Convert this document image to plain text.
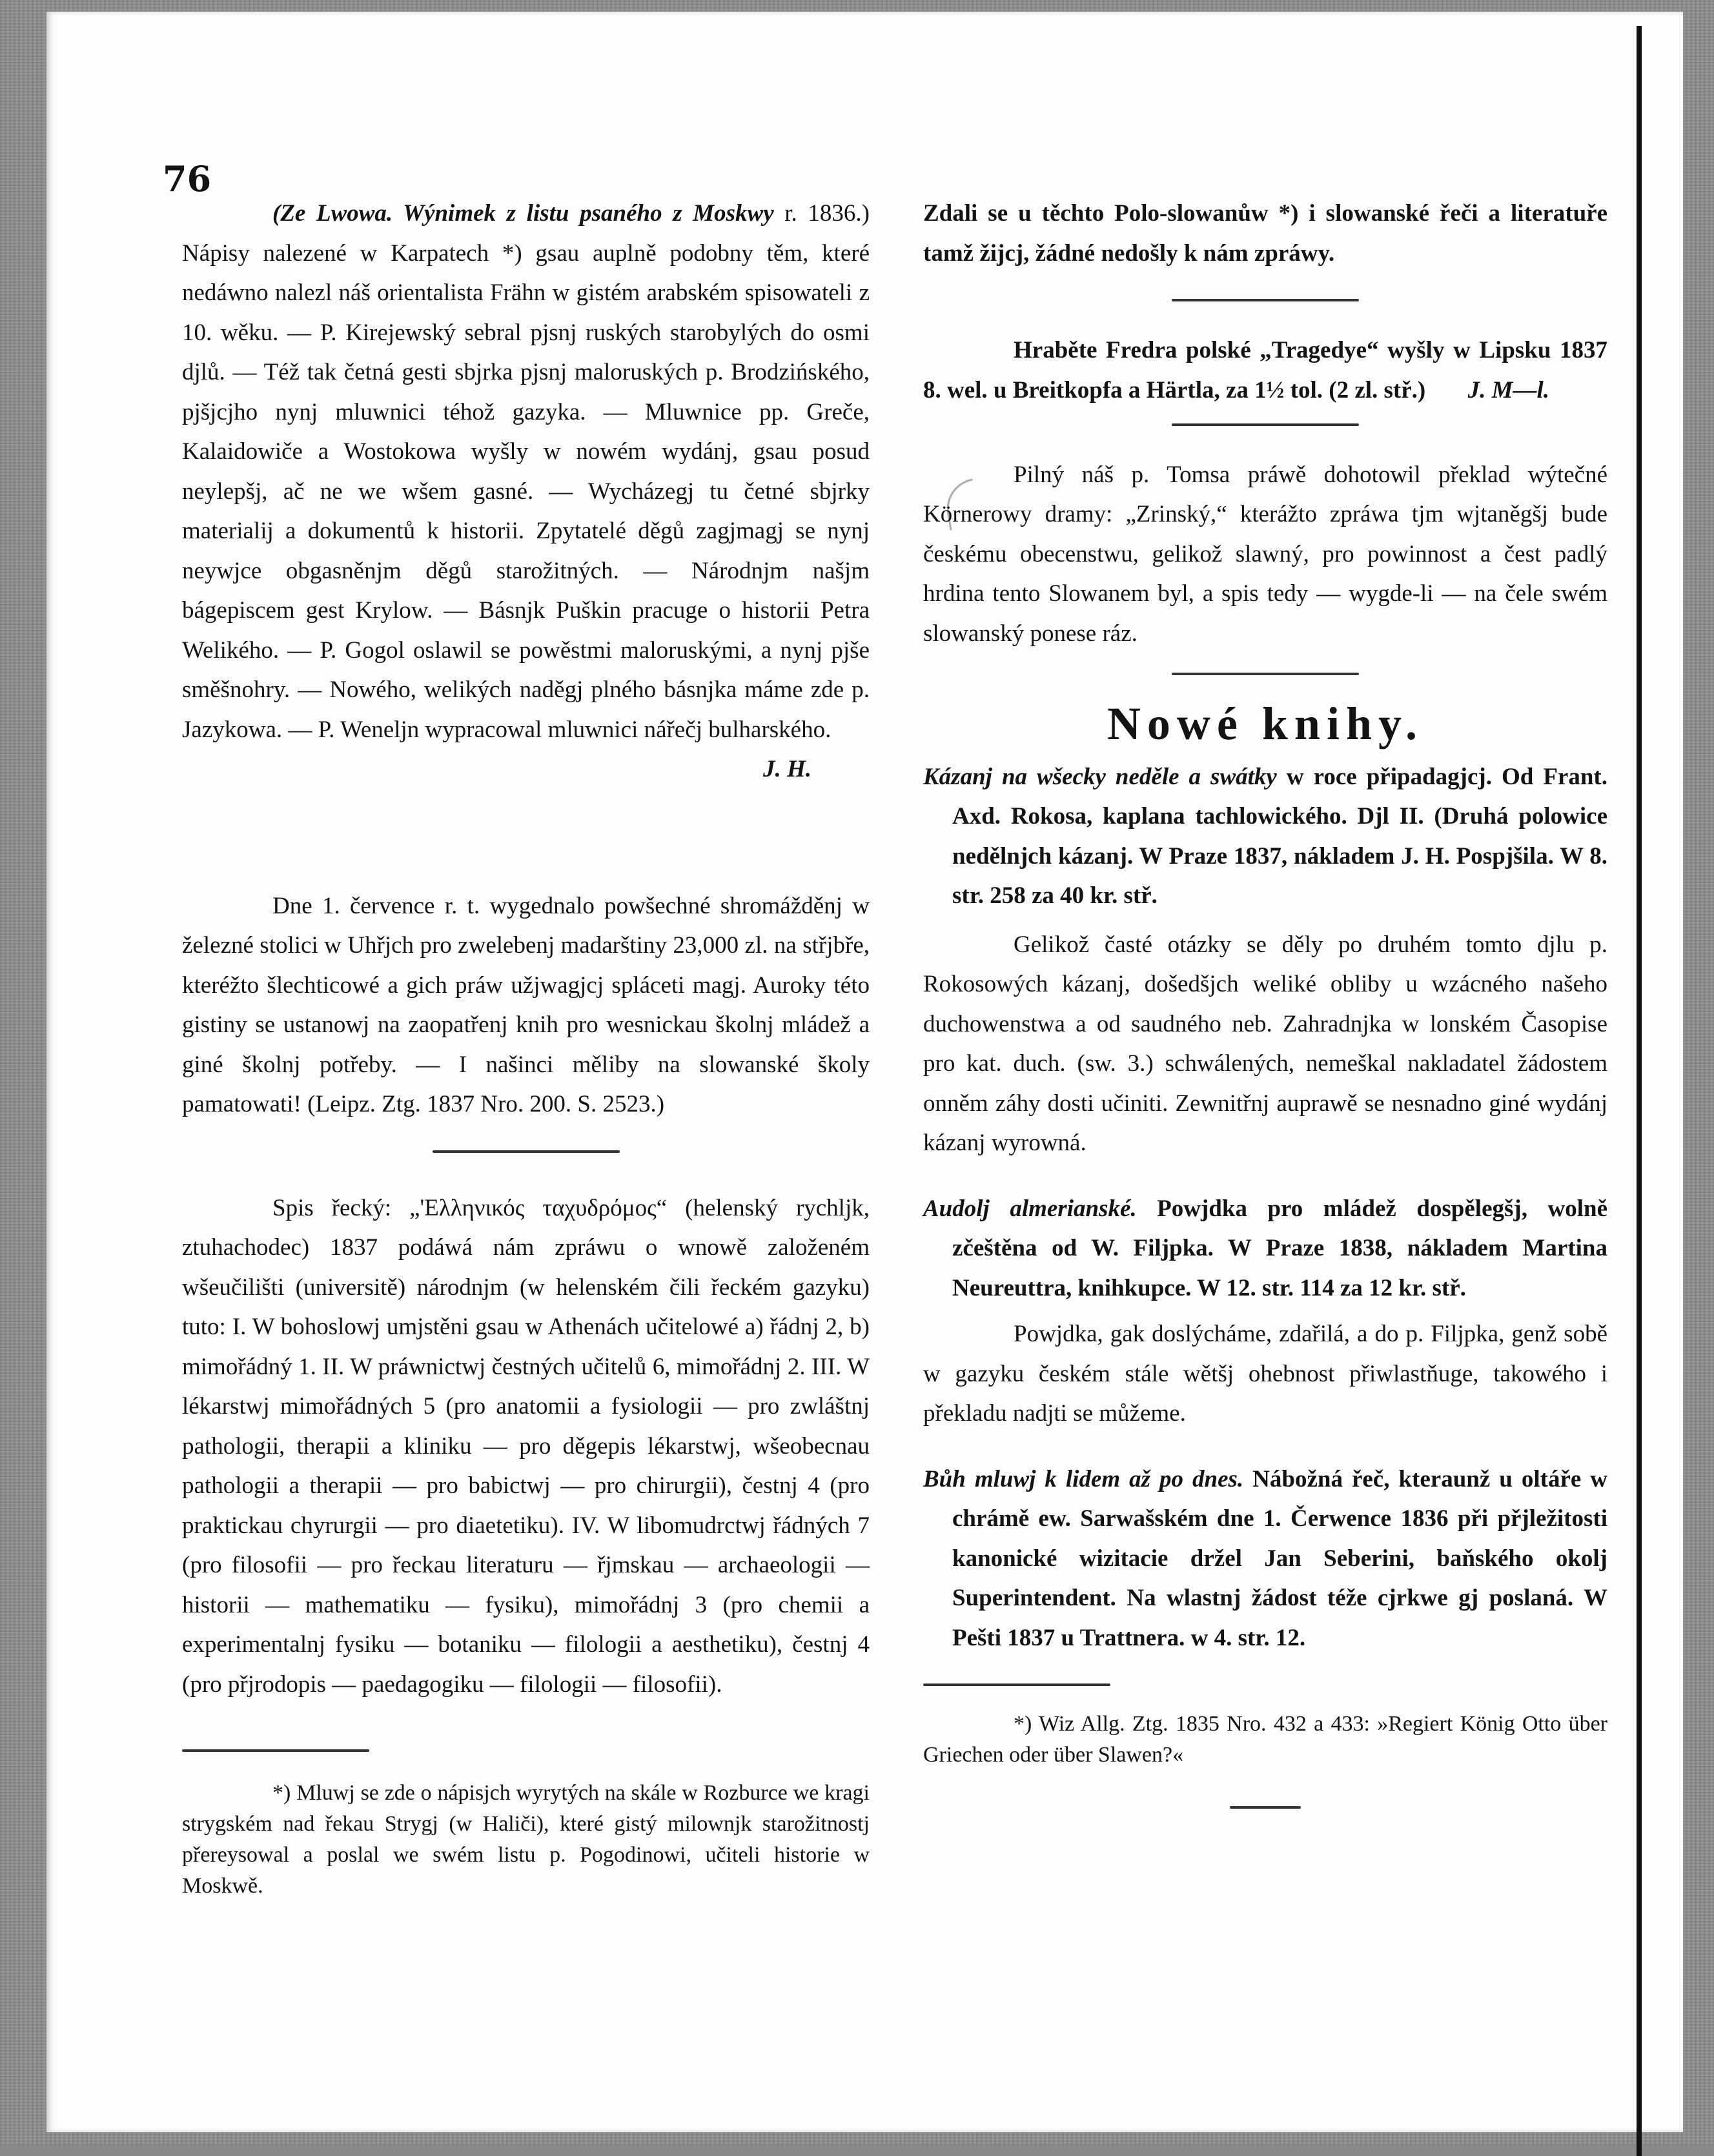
76

(Ze Lwowa. Wýnimek z listu psaného z Moskwy r. 1836.) Nápisy nalezené w Karpatech *) gsau auplně podobny těm, které nedáwno nalezl náš orientalista Frähn w gistém arabském spisowateli z 10. wěku. — P. Kirejewský sebral pjsnj ruských starobylých do osmi djlů. — Též tak četná gesti sbjrka pjsnj maloruských p. Brodzińského, pjšjcjho nynj mluwnici téhož gazyka. — Mluwnice pp. Greče, Kalaidowiče a Wostokowa wyšly w nowém wydánj, gsau posud neylepšj, ač ne we wšem gasné. — Wycházegj tu četné sbjrky materialij a dokumentů k historii. Zpytatelé děgů zagjmagj se nynj neywjce obgasněnjm děgů starožitných. — Národnjm našjm bágepiscem gest Krylow. — Básnjk Puškin pracuge o historii Petra Welikého. — P. Gogol oslawil se powěstmi maloruskými, a nynj pjše směšnohry. — Nowého, welikých naděgj plného básnjka máme zde p. Jazykowa. — P. Weneljn wypracowal mluwnici nářečj bulharského.

J. H.

Dne 1. července r. t. wygednalo powšechné shromážděnj w železné stolici w Uhřjch pro zwelebenj madarštiny 23,000 zl. na střjbře, kteréžto šlechticowé a gich práw užjwagjcj spláceti magj. Auroky této gistiny se ustanowj na zaopatřenj knih pro wesnickau školnj mládež a giné školnj potřeby. — I našinci měliby na slowanské školy pamatowati! (Leipz. Ztg. 1837 Nro. 200. S. 2523.)

Spis řecký: „'Ελληνικός ταχυδρόμος“ (helenský rychljk, ztuhachodec) 1837 podáwá nám zpráwu o wnowě založeném wšeučilišti (universitě) národnjm (w helenském čili řeckém gazyku) tuto: I. W bohoslowj umjstěni gsau w Athenách učitelowé a) řádnj 2, b) mimořádný 1. II. W práwnictwj čestných učitelů 6, mimořádnj 2. III. W lékarstwj mimořádných 5 (pro anatomii a fysiologii — pro zwláštnj pathologii, therapii a kliniku — pro děgepis lékarstwj, wšeobecnau pathologii a therapii — pro babictwj — pro chirurgii), čestnj 4 (pro praktickau chyrurgii — pro diaetetiku). IV. W libomudrctwj řádných 7 (pro filosofii — pro řeckau literaturu — řjmskau — archaeologii — historii — mathematiku — fysiku), mimořádnj 3 (pro chemii a experimentalnj fysiku — botaniku — filologii a aesthetiku), čestnj 4 (pro přjrodopis — paedagogiku — filologii — filosofii).

*) Mluwj se zde o nápisjch wyrytých na skále w Rozburce we kragi strygském nad řekau Strygj (w Haliči), které gistý milownjk starožitnostj přereysowal a poslal we swém listu p. Pogodinowi, učiteli historie w Moskwě.

Zdali se u těchto Polo-slowanůw *) i slowanské řeči a literatuře tamž žijcj, žádné nedošly k nám zpráwy.

Hraběte Fredra polské „Tragedye“ wyšly w Lipsku 1837 8. wel. u Breitkopfa a Härtla, za 1½ tol. (2 zl. stř.)	J. M—l.

Pilný náš p. Tomsa práwě dohotowil překlad wýtečné Körnerowy dramy: „Zrinský,“ kterážto zpráwa tjm wjtaněgšj bude českému obecenstwu, gelikož slawný, pro powinnost a čest padlý hrdina tento Slowanem byl, a spis tedy — wygde-li — na čele swém slowanský ponese ráz.

Nowé knihy.

Kázanj na wšecky neděle a swátky w roce připadagjcj. Od Frant. Axd. Rokosa, kaplana tachlowického. Djl II. (Druhá polowice nedělnjch kázanj. W Praze 1837, nákladem J. H. Pospjšila. W 8. str. 258 za 40 kr. stř.

Gelikož časté otázky se děly po druhém tomto djlu p. Rokosowých kázanj, došedšjch weliké obliby u wzácného našeho duchowenstwa a od saudného neb. Zahradnjka w lonském Časopise pro kat. duch. (sw. 3.) schwálených, nemeškal nakladatel žádostem onněm záhy dosti učiniti. Zewnitřnj auprawě se nesnadno giné wydánj kázanj wyrowná.

Audolj almerianské. Powjdka pro mládež dospělegšj, wolně zčeštěna od W. Filjpka. W Praze 1838, nákladem Martina Neureuttra, knihkupce. W 12. str. 114 za 12 kr. stř.

Powjdka, gak doslýcháme, zdařilá, a do p. Filjpka, genž sobě w gazyku českém stále wětšj ohebnost přiwlastňuge, takowého i překladu nadjti se můžeme.

Bůh mluwj k lidem až po dnes. Nábožná řeč, kteraunž u oltáře w chrámě ew. Sarwašském dne 1. Čerwence 1836 při přjležitosti kanonické wizitacie držel Jan Seberini, baňského okolj Superintendent. Na wlastnj žádost téže cjrkwe gj poslaná. W Pešti 1837 u Trattnera. w 4. str. 12.

*) Wiz Allg. Ztg. 1835 Nro. 432 a 433: »Regiert König Otto über Griechen oder über Slawen?«
